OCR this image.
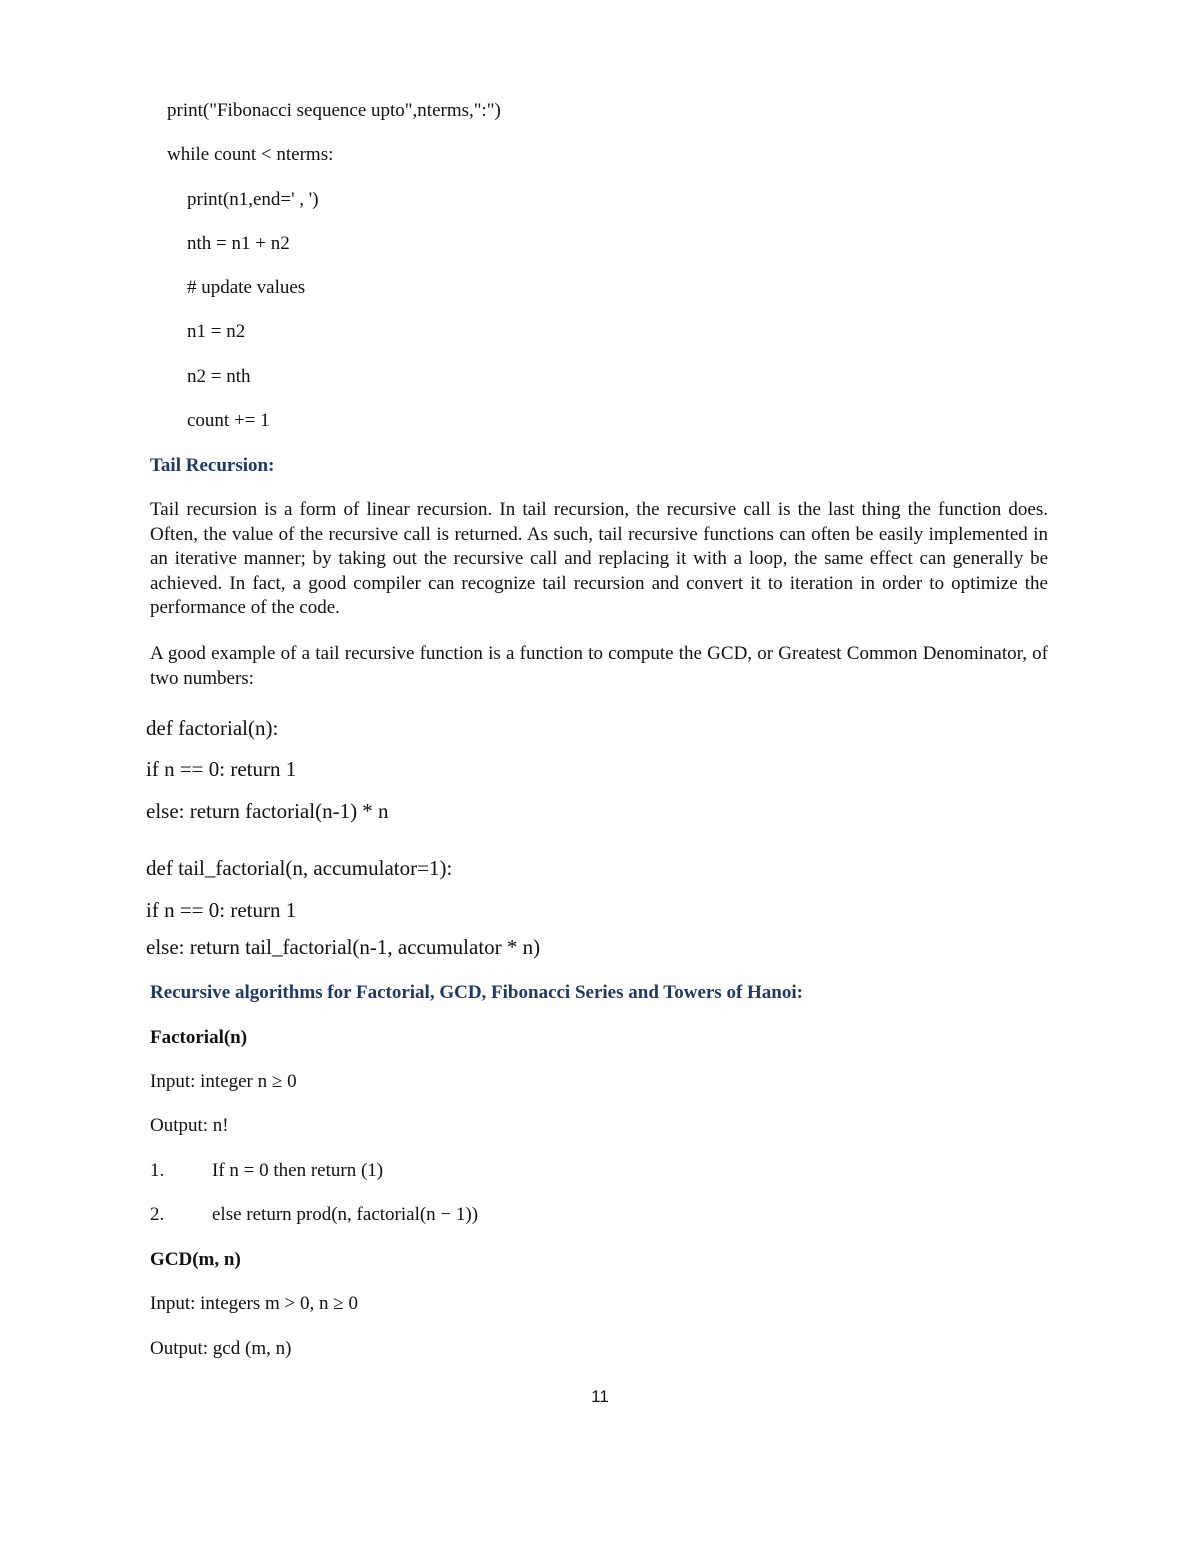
print("Fibonacci sequence upto",nterms,":")
while count < nterms:
print(n1,end=' , ')
nth = n1 + n2
# update values
n1 = n2
n2 = nth
count += 1
Tail Recursion:
Tail recursion is a form of linear recursion. In tail recursion, the recursive call is the last thing the function does. Often, the value of the recursive call is returned. As such, tail recursive functions can often be easily implemented in an iterative manner; by taking out the recursive call and replacing it with a loop, the same effect can generally be achieved. In fact, a good compiler can recognize tail recursion and convert it to iteration in order to optimize the performance of the code.
A good example of a tail recursive function is a function to compute the GCD, or Greatest Common Denominator, of two numbers:
def factorial(n):
if n == 0: return 1
else: return factorial(n-1) * n
def tail_factorial(n, accumulator=1):
if n == 0: return 1
else: return tail_factorial(n-1, accumulator * n)
Recursive algorithms for Factorial, GCD, Fibonacci Series and Towers of Hanoi:
Factorial(n)
Input: integer n ≥ 0
Output: n!
1.	If n = 0 then return (1)
2.	else return prod(n, factorial(n − 1))
GCD(m, n)
Input: integers m > 0, n ≥ 0
Output: gcd (m, n)
11
